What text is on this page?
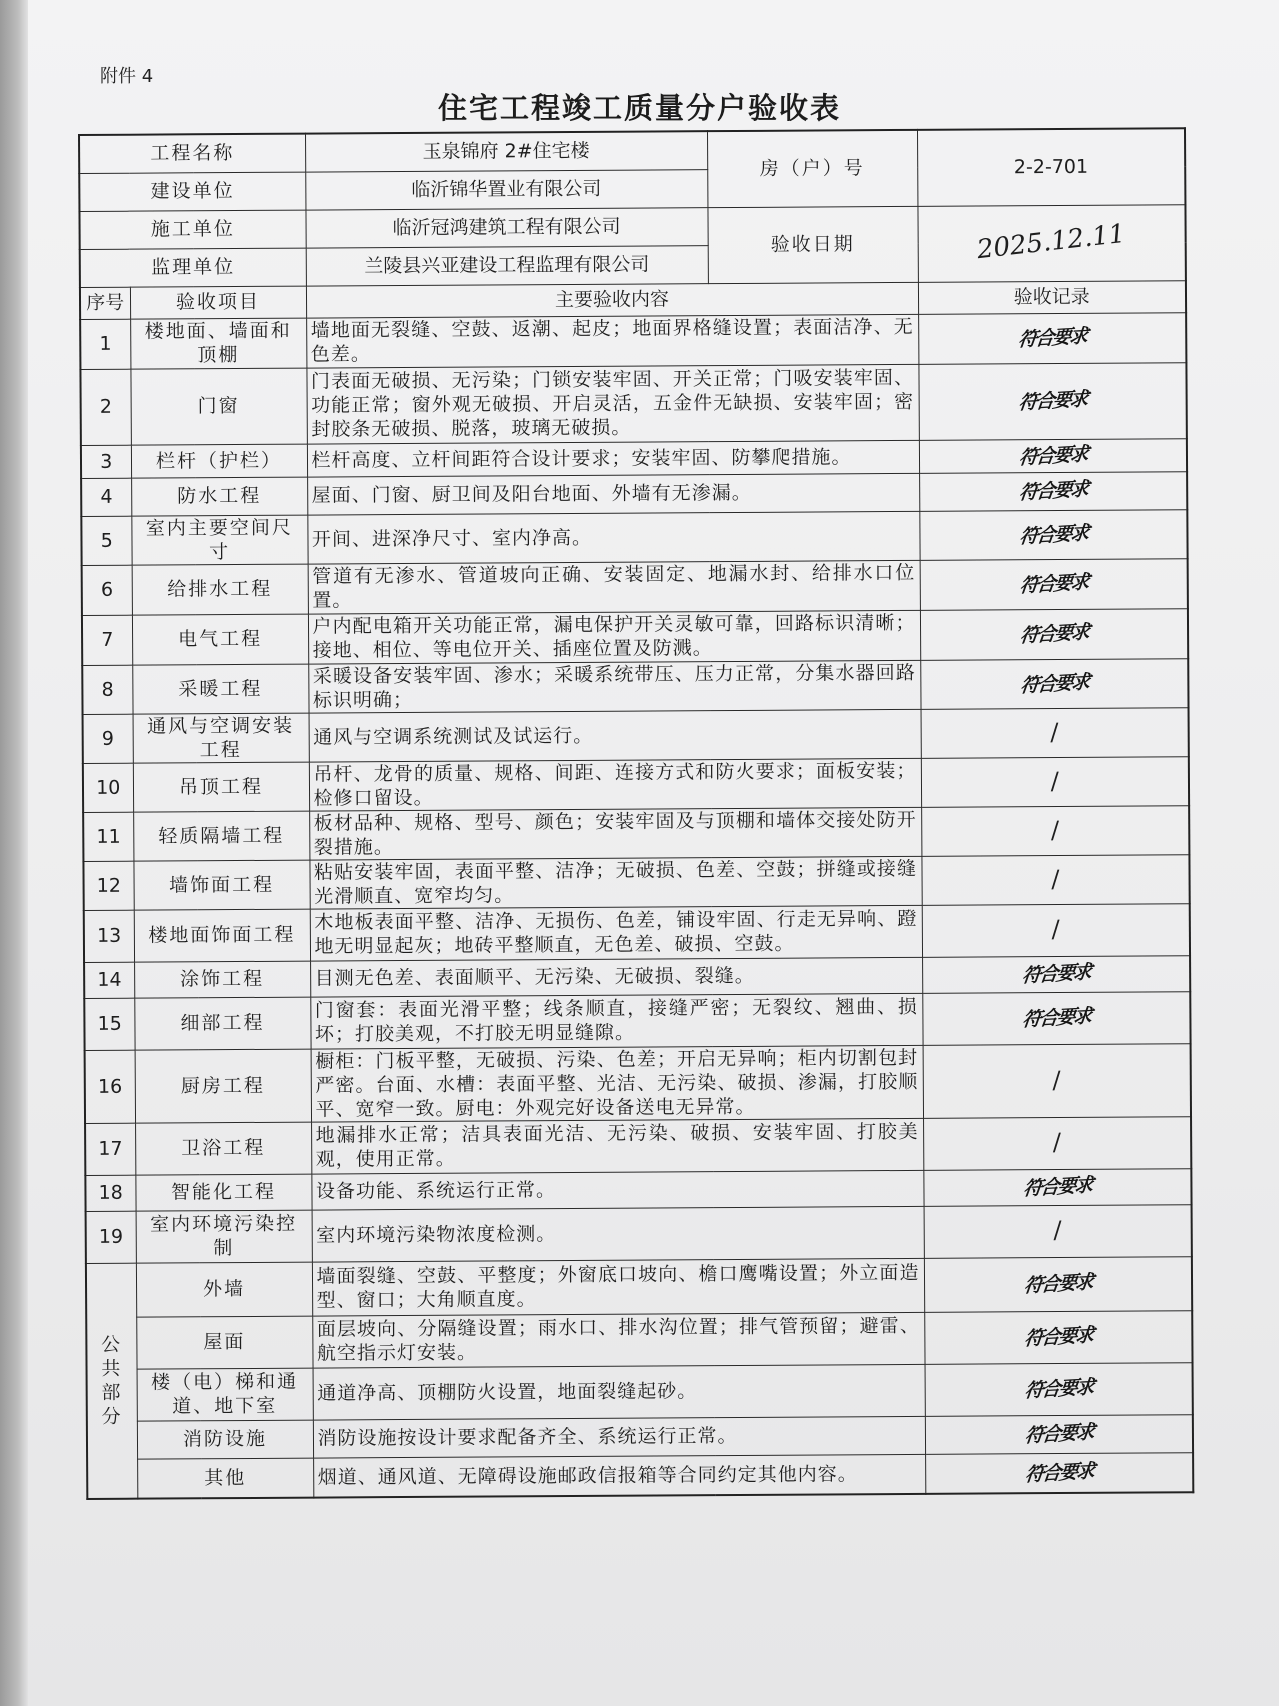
附件 4
住宅工程竣工质量分户验收表
工程名称		玉泉锦府 2#住宅楼	房（户）号	2-2-701
建设单位		临沂锦华置业有限公司		
施工单位		临沂冠鸿建筑工程有限公司	验收日期	2025.12.11
监理单位		兰陵县兴亚建设工程监理有限公司		
序号	验收项目	主要验收内容		验收记录
1	楼地面、墙面和顶棚	墙地面无裂缝、空鼓、返潮、起皮；地面界格缝设置；表面洁净、无色差。		符合要求
2	门窗	门表面无破损、无污染；门锁安装牢固、开关正常；门吸安装牢固、功能正常；窗外观无破损、开启灵活，五金件无缺损、安装牢固；密封胶条无破损、脱落，玻璃无破损。		符合要求
3	栏杆（护栏）	栏杆高度、立杆间距符合设计要求；安装牢固、防攀爬措施。		符合要求
4	防水工程	屋面、门窗、厨卫间及阳台地面、外墙有无渗漏。		符合要求
5	室内主要空间尺寸	开间、进深净尺寸、室内净高。		符合要求
6	给排水工程	管道有无渗水、管道坡向正确、安装固定、地漏水封、给排水口位置。		符合要求
7	电气工程	户内配电箱开关功能正常，漏电保护开关灵敏可靠，回路标识清晰；接地、相位、等电位开关、插座位置及防溅。		符合要求
8	采暖工程	采暖设备安装牢固、渗水；采暖系统带压、压力正常，分集水器回路标识明确；		符合要求
9	通风与空调安装工程	通风与空调系统测试及试运行。		/
10	吊顶工程	吊杆、龙骨的质量、规格、间距、连接方式和防火要求；面板安装；检修口留设。		/
11	轻质隔墙工程	板材品种、规格、型号、颜色；安装牢固及与顶棚和墙体交接处防开裂措施。		/
12	墙饰面工程	粘贴安装牢固，表面平整、洁净；无破损、色差、空鼓；拼缝或接缝光滑顺直、宽窄均匀。		/
13	楼地面饰面工程	木地板表面平整、洁净、无损伤、色差，铺设牢固、行走无异响、蹬地无明显起灰；地砖平整顺直，无色差、破损、空鼓。		/
14	涂饰工程	目测无色差、表面顺平、无污染、无破损、裂缝。		符合要求
15	细部工程	门窗套：表面光滑平整；线条顺直，接缝严密；无裂纹、翘曲、损坏；打胶美观，不打胶无明显缝隙。		符合要求
16	厨房工程	橱柜：门板平整，无破损、污染、色差；开启无异响；柜内切割包封严密。台面、水槽：表面平整、光洁、无污染、破损、渗漏，打胶顺平、宽窄一致。厨电：外观完好设备送电无异常。		/
17	卫浴工程	地漏排水正常；洁具表面光洁、无污染、破损、安装牢固、打胶美观，使用正常。		/
18	智能化工程	设备功能、系统运行正常。		符合要求
19	室内环境污染控制	室内环境污染物浓度检测。		/

公共
部分	外墙	墙面裂缝、空鼓、平整度；外窗底口坡向、檐口鹰嘴设置；外立面造型、窗口；大角顺直度。		符合要求
	屋面	面层坡向、分隔缝设置；雨水口、排水沟位置；排气管预留；避雷、航空指示灯安装。		符合要求
	楼（电）梯和通道、地下室	通道净高、顶棚防火设置，地面裂缝起砂。		符合要求
	消防设施	消防设施按设计要求配备齐全、系统运行正常。		符合要求
	其他	烟道、通风道、无障碍设施邮政信报箱等合同约定其他内容。		符合要求
